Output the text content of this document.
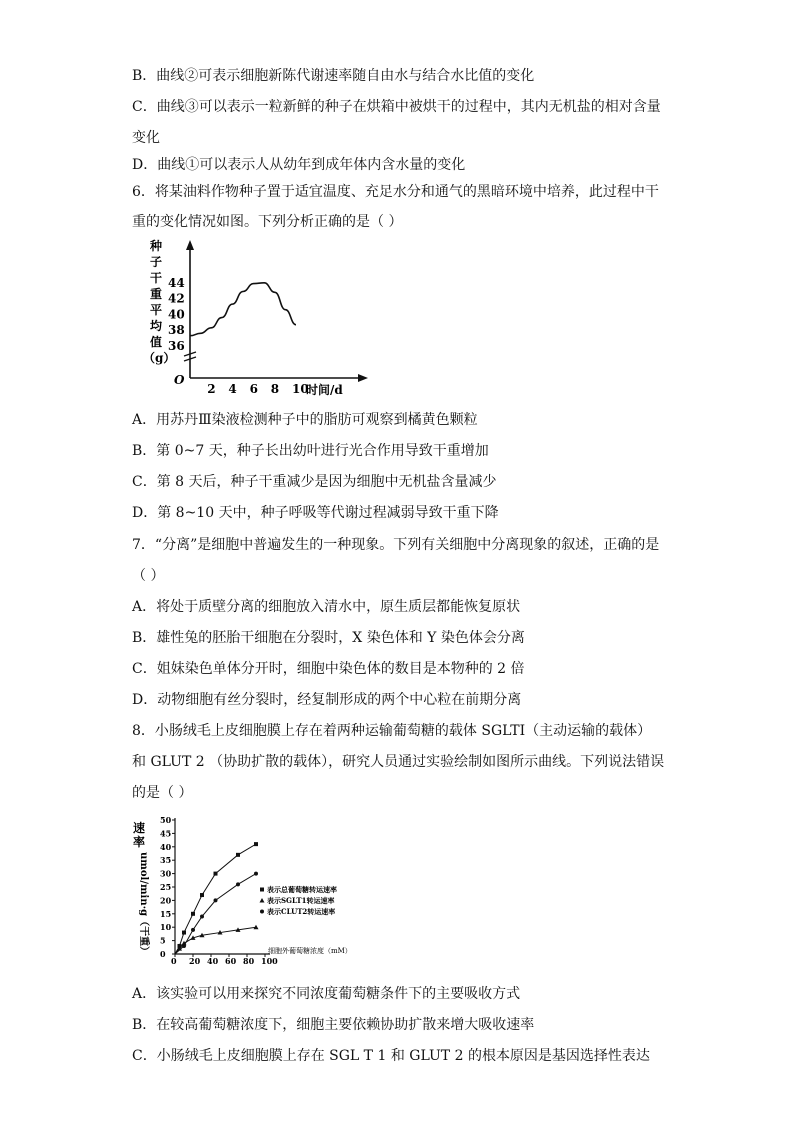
B．曲线②可表示细胞新陈代谢速率随自由水与结合水比值的变化
C．曲线③可以表示一粒新鲜的种子在烘箱中被烘干的过程中，其内无机盐的相对含量
变化
D．曲线①可以表示人从幼年到成年体内含水量的变化
6．将某油料作物种子置于适宜温度、充足水分和通气的黑暗环境中培养，此过程中干
重的变化情况如图。下列分析正确的是（ ）
种
子
干
重
平
均
值
（g）
O
时间/d
2 4 6 8 10
36
38
40
42
44
A．用苏丹Ⅲ染液检测种子中的脂肪可观察到橘黄色颗粒
B．第 0~7 天，种子长出幼叶进行光合作用导致干重增加
C．第 8 天后，种子干重减少是因为细胞中无机盐含量减少
D．第 8~10 天中，种子呼吸等代谢过程减弱导致干重下降
7．“分离”是细胞中普遍发生的一种现象。下列有关细胞中分离现象的叙述，正确的是
（ ）
A．将处于质壁分离的细胞放入清水中，原生质层都能恢复原状
B．雄性兔的胚胎干细胞在分裂时，X 染色体和 Y 染色体会分离
C．姐妹染色单体分开时，细胞中染色体的数目是本物种的 2 倍
D．动物细胞有丝分裂时，经复制形成的两个中心粒在前期分离
8．小肠绒毛上皮细胞膜上存在着两种运输葡萄糖的载体 SGLTI（主动运输的载体）
和 GLUT 2 （协助扩散的载体），研究人员通过实验绘制如图所示曲线。下列说法错误
的是（ ）
速
率
umol/min·g（干重）	细胞外葡萄糖浓度（mM）
0 20 40 60 80 100
0
5
10
15
20
25
30
35
40
45
50
表示总葡萄糖转运速率
表示SGLT1转运速率
表示CLUT2转运速率
A．该实验可以用来探究不同浓度葡萄糖条件下的主要吸收方式
B．在较高葡萄糖浓度下，细胞主要依赖协助扩散来增大吸收速率
C．小肠绒毛上皮细胞膜上存在 SGL T 1 和 GLUT 2 的根本原因是基因选择性表达
